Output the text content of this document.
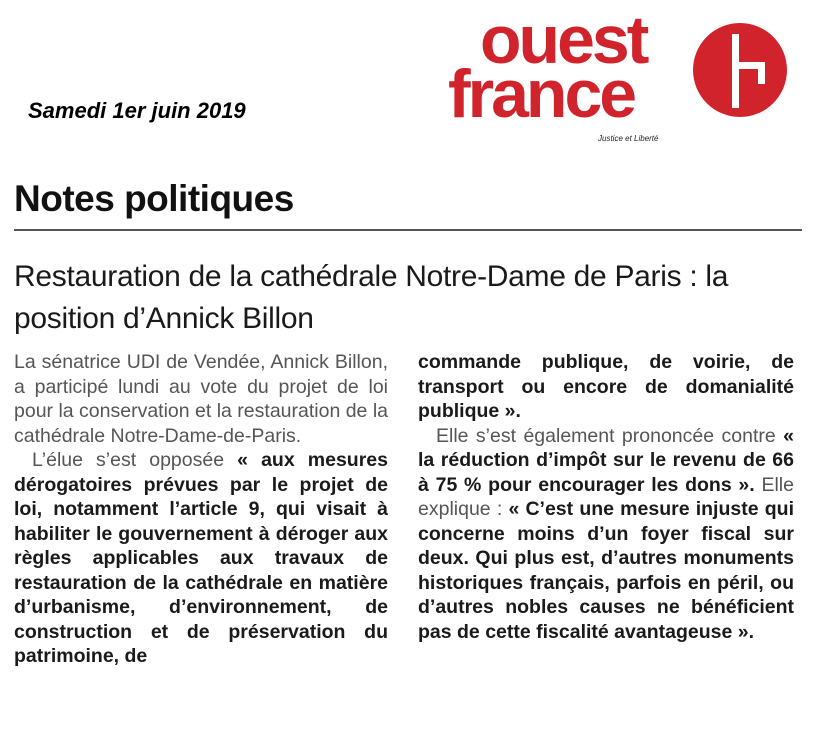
Samedi 1er juin 2019
ouest
france
Justice et Liberté
Notes politiques
Restauration de la cathédrale Notre-Dame de Paris : la position d’Annick Billon

La sénatrice UDI de Vendée, Annick Billon, a participé lundi au vote du projet de loi pour la conservation et la restauration de la cathédrale Notre-Dame-de-Paris.

L’élue s’est opposée « aux mesures dérogatoires prévues par le projet de loi, notamment l’article 9, qui visait à habiliter le gouvernement à déroger aux règles applicables aux travaux de restauration de la cathédrale en matière d’urbanisme, d’environnement, de construction et de préservation du patrimoine, de

commande publique, de voirie, de transport ou encore de domanialité publique ».

Elle s’est également prononcée contre « la réduction d’impôt sur le revenu de 66 à 75 % pour encourager les dons ». Elle explique : « C’est une mesure injuste qui concerne moins d’un foyer fiscal sur deux. Qui plus est, d’autres monuments historiques français, parfois en péril, ou d’autres nobles causes ne bénéficient pas de cette fiscalité avantageuse ».
